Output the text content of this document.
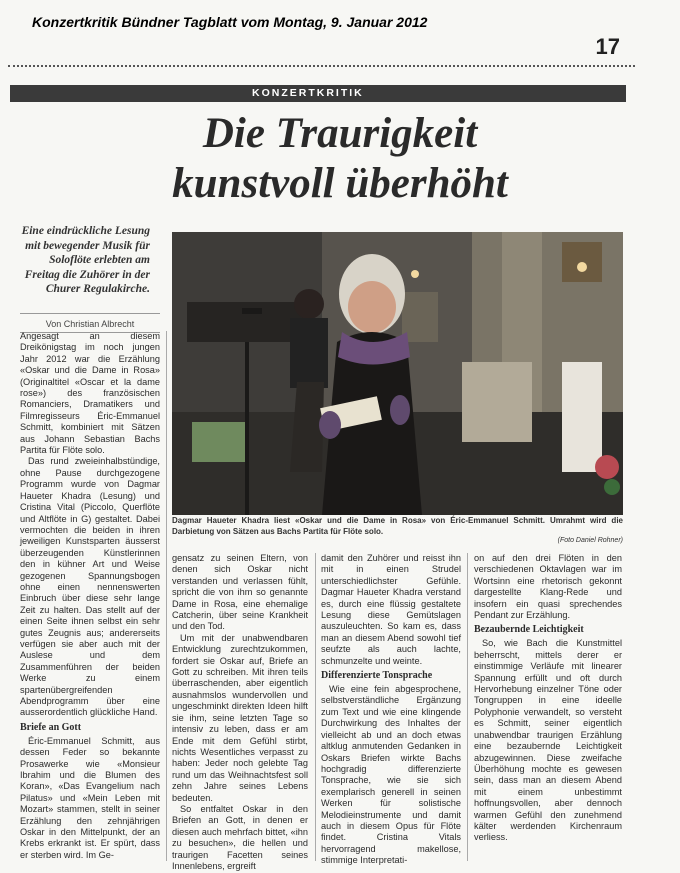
Konzertkritik Bündner Tagblatt vom Montag, 9. Januar 2012
17
KONZERTKRITIK
Die Traurigkeit
kunstvoll überhöht
Eine eindrückliche Lesung mit bewegender Musik für Soloflöte erlebten am Freitag die Zuhörer in der Churer Regulakirche.
Von Christian Albrecht
Dagmar Haueter Khadra liest «Oskar und die Dame in Rosa» von Éric-Emmanuel Schmitt. Umrahmt wird die Darbietung von Sätzen aus Bachs Partita für Flöte solo.
(Foto Daniel Rohner)

Angesagt an diesem Dreikönigstag im noch jungen Jahr 2012 war die Erzählung «Oskar und die Dame in Rosa» (Originaltitel «Oscar et la dame rose») des französischen Romanciers, Dramatikers und Filmregisseurs Éric-Emmanuel Schmitt, kombiniert mit Sätzen aus Johann Sebastian Bachs Partita für Flöte solo.

Das rund zweieinhalbstündige, ohne Pause durchgezogene Programm wurde von Dagmar Haueter Khadra (Lesung) und Cristina Vital (Piccolo, Querflöte und Altflöte in G) gestaltet. Dabei vermochten die beiden in ihren jeweiligen Kunstsparten äusserst überzeugenden Künstlerinnen den in kühner Art und Weise gezogenen Spannungsbogen ohne einen nennenswerten Einbruch über diese sehr lange Zeit zu halten. Das stellt auf der einen Seite ihnen selbst ein sehr gutes Zeugnis aus; andererseits verfügen sie aber auch mit der Auslese und dem Zusammenführen der beiden Werke zu einem spartenübergreifenden Abendprogramm über eine ausserordentlich glückliche Hand.

Briefe an Gott

Éric-Emmanuel Schmitt, aus dessen Feder so bekannte Prosawerke wie «Monsieur Ibrahim und die Blumen des Koran», «Das Evangelium nach Pilatus» und «Mein Leben mit Mozart» stammen, stellt in seiner Erzählung den zehnjährigen Oskar in den Mittelpunkt, der an Krebs erkrankt ist. Er spürt, dass er sterben wird. Im Ge-

gensatz zu seinen Eltern, von denen sich Oskar nicht verstanden und verlassen fühlt, spricht die von ihm so genannte Dame in Rosa, eine ehemalige Catcherin, über seine Krankheit und den Tod.

Um mit der unabwendbaren Entwicklung zurechtzukommen, fordert sie Oskar auf, Briefe an Gott zu schreiben. Mit ihren teils überraschenden, aber eigentlich ausnahmslos wundervollen und ungeschminkt direkten Ideen hilft sie ihm, seine letzten Tage so intensiv zu leben, dass er am Ende mit dem Gefühl stirbt, nichts Wesentliches verpasst zu haben: Jeder noch gelebte Tag rund um das Weihnachtsfest soll zehn Jahre seines Lebens bedeuten.

So entfaltet Oskar in den Briefen an Gott, in denen er diesen auch mehrfach bittet, «ihn zu besuchen», die hellen und traurigen Facetten seines Innenlebens, ergreift

damit den Zuhörer und reisst ihn mit in einen Strudel unterschiedlichster Gefühle. Dagmar Haueter Khadra verstand es, durch eine flüssig gestaltete Lesung diese Gemütslagen auszuleuchten. So kam es, dass man an diesem Abend sowohl tief seufzte als auch lachte, schmunzelte und weinte.

Differenzierte Tonsprache

Wie eine fein abgesprochene, selbstverständliche Ergänzung zum Text und wie eine klingende Durchwirkung des Inhaltes der vielleicht ab und an doch etwas altklug anmutenden Gedanken in Oskars Briefen wirkte Bachs hochgradig differenzierte Tonsprache, wie sie sich exemplarisch generell in seinen Werken für solistische Melodieinstrumente und damit auch in diesem Opus für Flöte findet. Cristina Vitals hervorragend makellose, stimmige Interpretati-

on auf den drei Flöten in den verschiedenen Oktavlagen war im Wortsinn eine rhetorisch gekonnt dargestellte Klang-Rede und insofern ein quasi sprechendes Pendant zur Erzählung.

Bezaubernde Leichtigkeit

So, wie Bach die Kunstmittel beherrscht, mittels derer er einstimmige Verläufe mit linearer Spannung erfüllt und oft durch Hervorhebung einzelner Töne oder Tongruppen in eine ideelle Polyphonie verwandelt, so versteht es Schmitt, seiner eigentlich unabwendbar traurigen Erzählung eine bezaubernde Leichtigkeit abzugewinnen. Diese zweifache Überhöhung mochte es gewesen sein, dass man an diesem Abend mit einem unbestimmt hoffnungsvollen, aber dennoch warmen Gefühl den zunehmend kälter werdenden Kirchenraum verliess.
